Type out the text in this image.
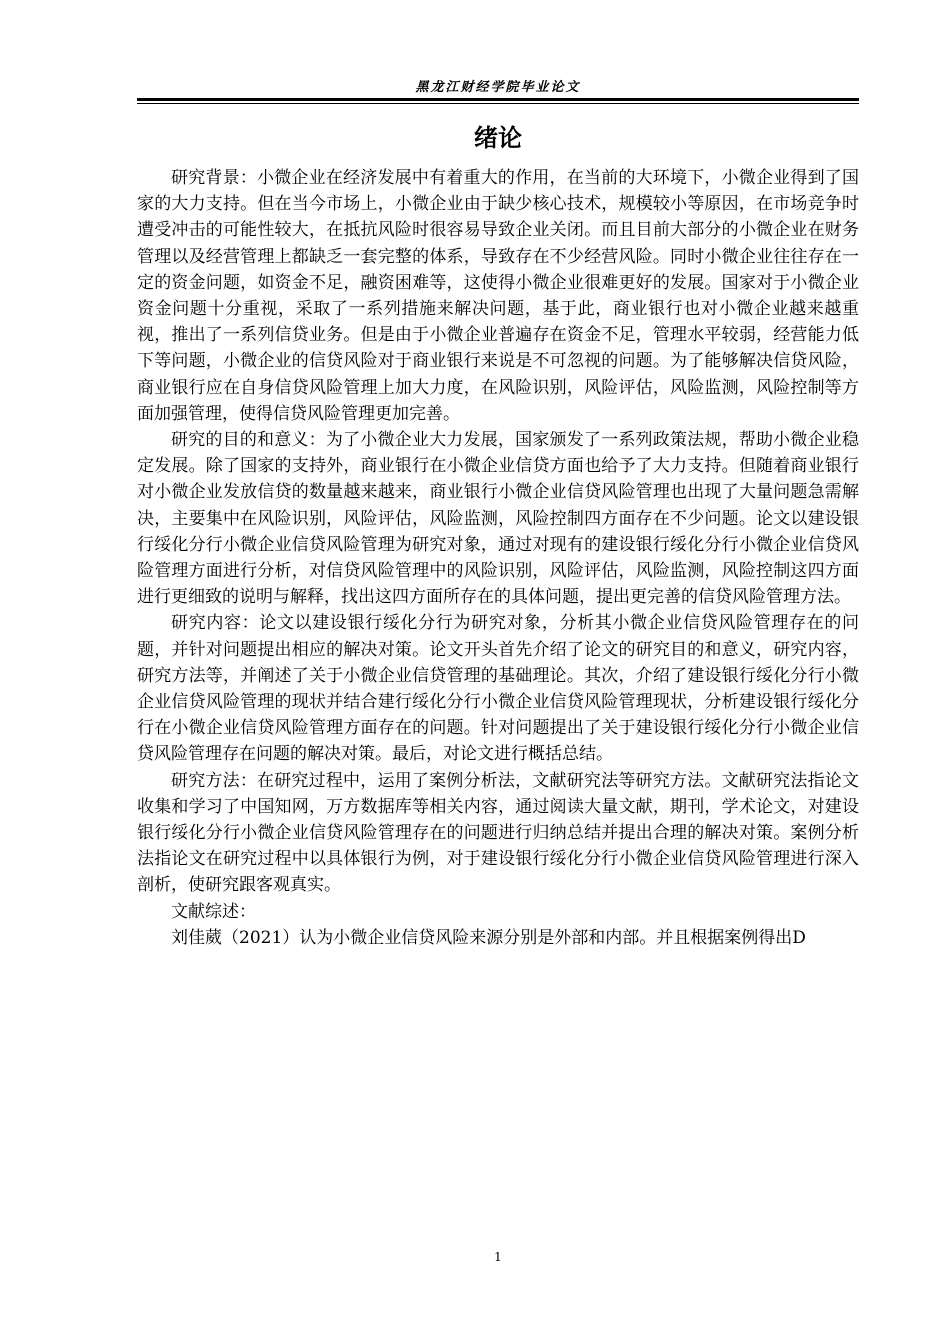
黑龙江财经学院毕业论文
绪论

研究背景：小微企业在经济发展中有着重大的作用，在当前的大环境下，小微企业得到了国家的大力支持。但在当今市场上，小微企业由于缺少核心技术，规模较小等原因，在市场竞争时遭受冲击的可能性较大，在抵抗风险时很容易导致企业关闭。而且目前大部分的小微企业在财务管理以及经营管理上都缺乏一套完整的体系，导致存在不少经营风险。同时小微企业往往存在一定的资金问题，如资金不足，融资困难等，这使得小微企业很难更好的发展。国家对于小微企业资金问题十分重视，采取了一系列措施来解决问题，基于此，商业银行也对小微企业越来越重视，推出了一系列信贷业务。但是由于小微企业普遍存在资金不足，管理水平较弱，经营能力低下等问题，小微企业的信贷风险对于商业银行来说是不可忽视的问题。为了能够解决信贷风险，商业银行应在自身信贷风险管理上加大力度，在风险识别，风险评估，风险监测，风险控制等方面加强管理，使得信贷风险管理更加完善。

研究的目的和意义：为了小微企业大力发展，国家颁发了一系列政策法规，帮助小微企业稳定发展。除了国家的支持外，商业银行在小微企业信贷方面也给予了大力支持。但随着商业银行对小微企业发放信贷的数量越来越来，商业银行小微企业信贷风险管理也出现了大量问题急需解决，主要集中在风险识别，风险评估，风险监测，风险控制四方面存在不少问题。论文以建设银行绥化分行小微企业信贷风险管理为研究对象，通过对现有的建设银行绥化分行小微企业信贷风险管理方面进行分析，对信贷风险管理中的风险识别，风险评估，风险监测，风险控制这四方面进行更细致的说明与解释，找出这四方面所存在的具体问题，提出更完善的信贷风险管理方法。

研究内容：论文以建设银行绥化分行为研究对象，分析其小微企业信贷风险管理存在的问题，并针对问题提出相应的解决对策。论文开头首先介绍了论文的研究目的和意义，研究内容，研究方法等，并阐述了关于小微企业信贷管理的基础理论。其次，介绍了建设银行绥化分行小微企业信贷风险管理的现状并结合建行绥化分行小微企业信贷风险管理现状，分析建设银行绥化分行在小微企业信贷风险管理方面存在的问题。针对问题提出了关于建设银行绥化分行小微企业信贷风险管理存在问题的解决对策。最后，对论文进行概括总结。

研究方法：在研究过程中，运用了案例分析法，文献研究法等研究方法。文献研究法指论文收集和学习了中国知网，万方数据库等相关内容，通过阅读大量文献，期刊，学术论文，对建设银行绥化分行小微企业信贷风险管理存在的问题进行归纳总结并提出合理的解决对策。案例分析法指论文在研究过程中以具体银行为例，对于建设银行绥化分行小微企业信贷风险管理进行深入剖析，使研究跟客观真实。

文献综述：

刘佳葳（2021）认为小微企业信贷风险来源分别是外部和内部。并且根据案例得出D

1
